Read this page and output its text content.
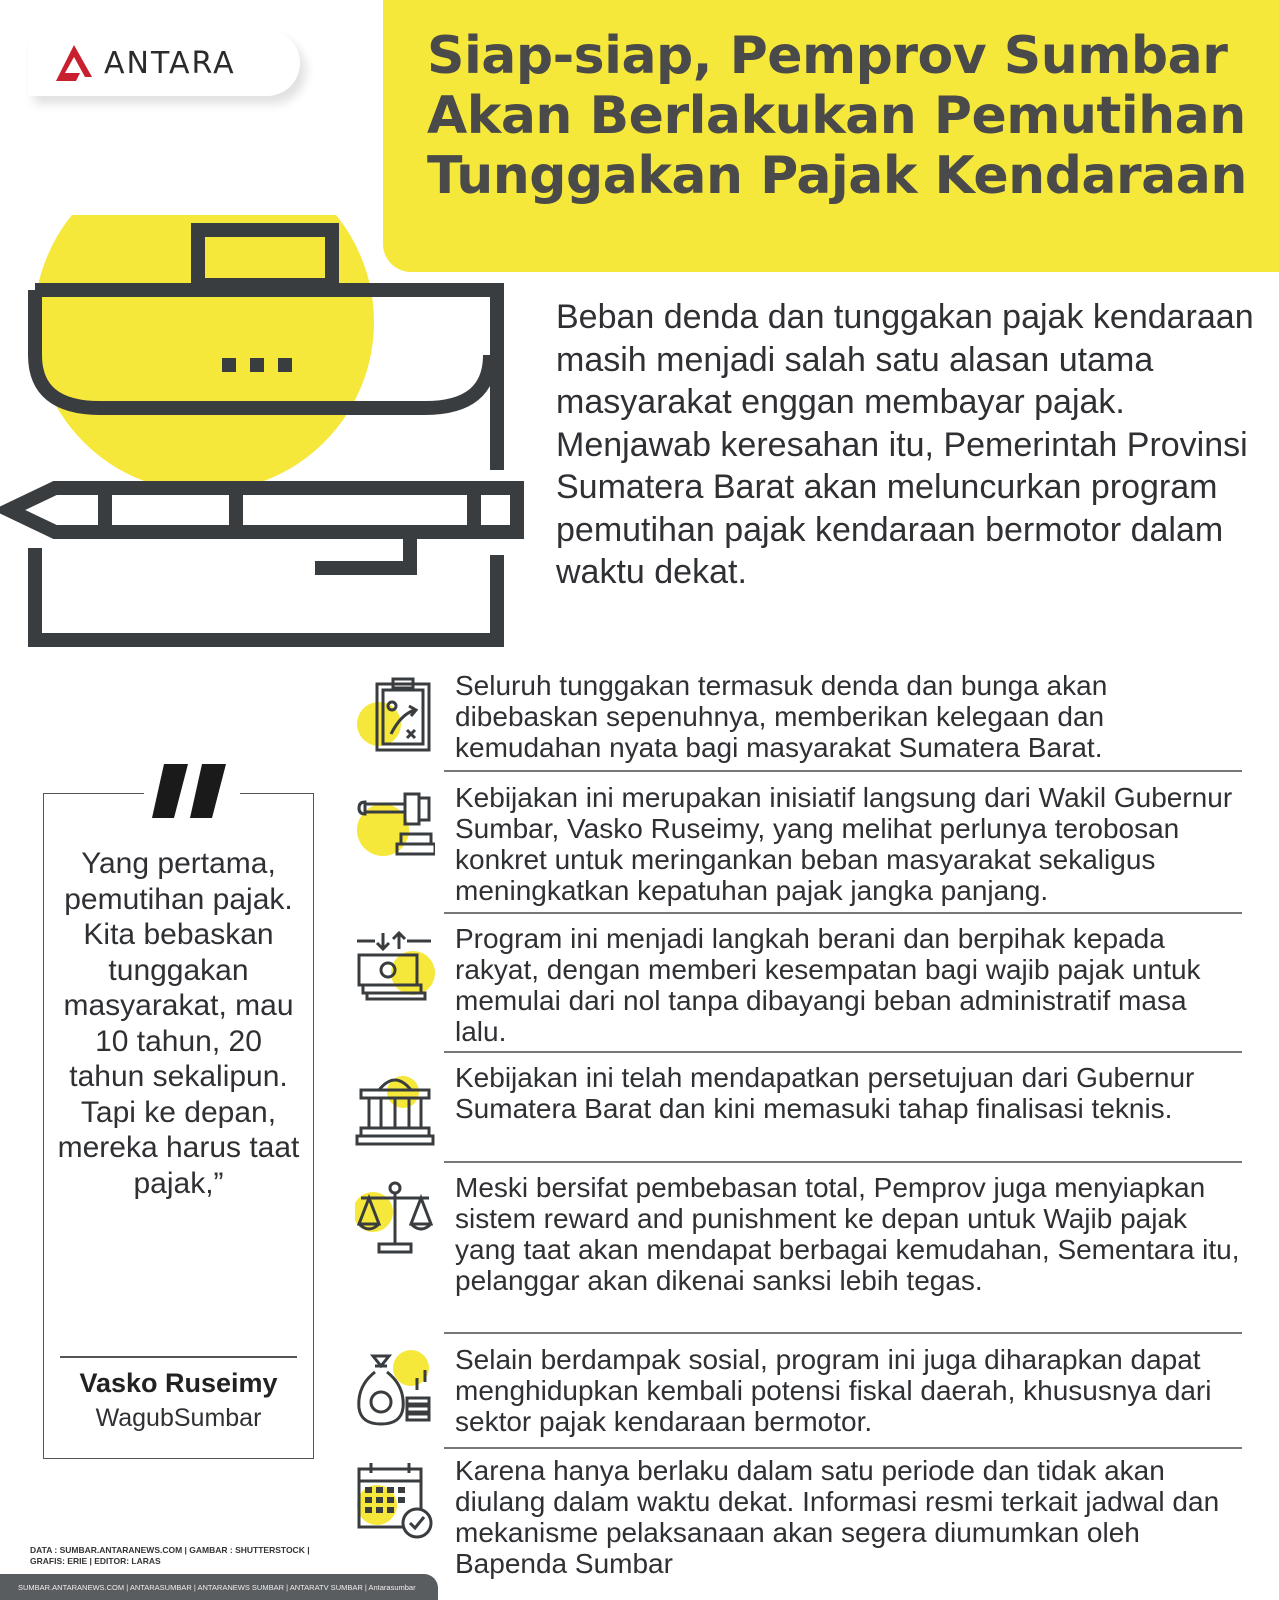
ANTARA	Siap-siap, Pemprov Sumbar Akan Berlakukan Pemutihan Tunggakan Pajak Kendaraan

Beban denda dan tunggakan pajak kendaraan masih menjadi salah satu alasan utama masyarakat enggan membayar pajak. Menjawab keresahan itu, Pemerintah Provinsi Sumatera Barat akan meluncurkan program pemutihan pajak kendaraan bermotor dalam waktu dekat.

Yang pertama, pemutihan pajak. Kita bebaskan tunggakan masyarakat, mau 10 tahun, 20 tahun sekalipun. Tapi ke depan, mereka harus taat pajak,”

Vasko Ruseimy
WagubSumbar

Seluruh tunggakan termasuk denda dan bunga akan dibebaskan sepenuhnya, memberikan kelegaan dan kemudahan nyata bagi masyarakat Sumatera Barat.

Kebijakan ini merupakan inisiatif langsung dari Wakil Gubernur Sumbar, Vasko Ruseimy, yang melihat perlunya terobosan konkret untuk meringankan beban masyarakat sekaligus meningkatkan kepatuhan pajak jangka panjang.

Program ini menjadi langkah berani dan berpihak kepada rakyat, dengan memberi kesempatan bagi wajib pajak untuk memulai dari nol tanpa dibayangi beban administratif masa lalu.

Kebijakan ini telah mendapatkan persetujuan dari Gubernur Sumatera Barat dan kini memasuki tahap finalisasi teknis.

Meski bersifat pembebasan total, Pemprov juga menyiapkan sistem reward and punishment ke depan untuk Wajib pajak yang taat akan mendapat berbagai kemudahan, Sementara itu, pelanggar akan dikenai sanksi lebih tegas.

Selain berdampak sosial, program ini juga diharapkan dapat menghidupkan kembali potensi fiskal daerah, khususnya dari sektor pajak kendaraan bermotor.

Karena hanya berlaku dalam satu periode dan tidak akan diulang dalam waktu dekat. Informasi resmi terkait jadwal dan mekanisme pelaksanaan akan segera diumumkan oleh Bapenda Sumbar

DATA : SUMBAR.ANTARANEWS.COM | GAMBAR : SHUTTERSTOCK |
GRAFIS: ERIE | EDITOR: LARAS
SUMBAR.ANTARANEWS.COM | ANTARASUMBAR | ANTARANEWS SUMBAR | ANTARATV SUMBAR | Antarasumbar
